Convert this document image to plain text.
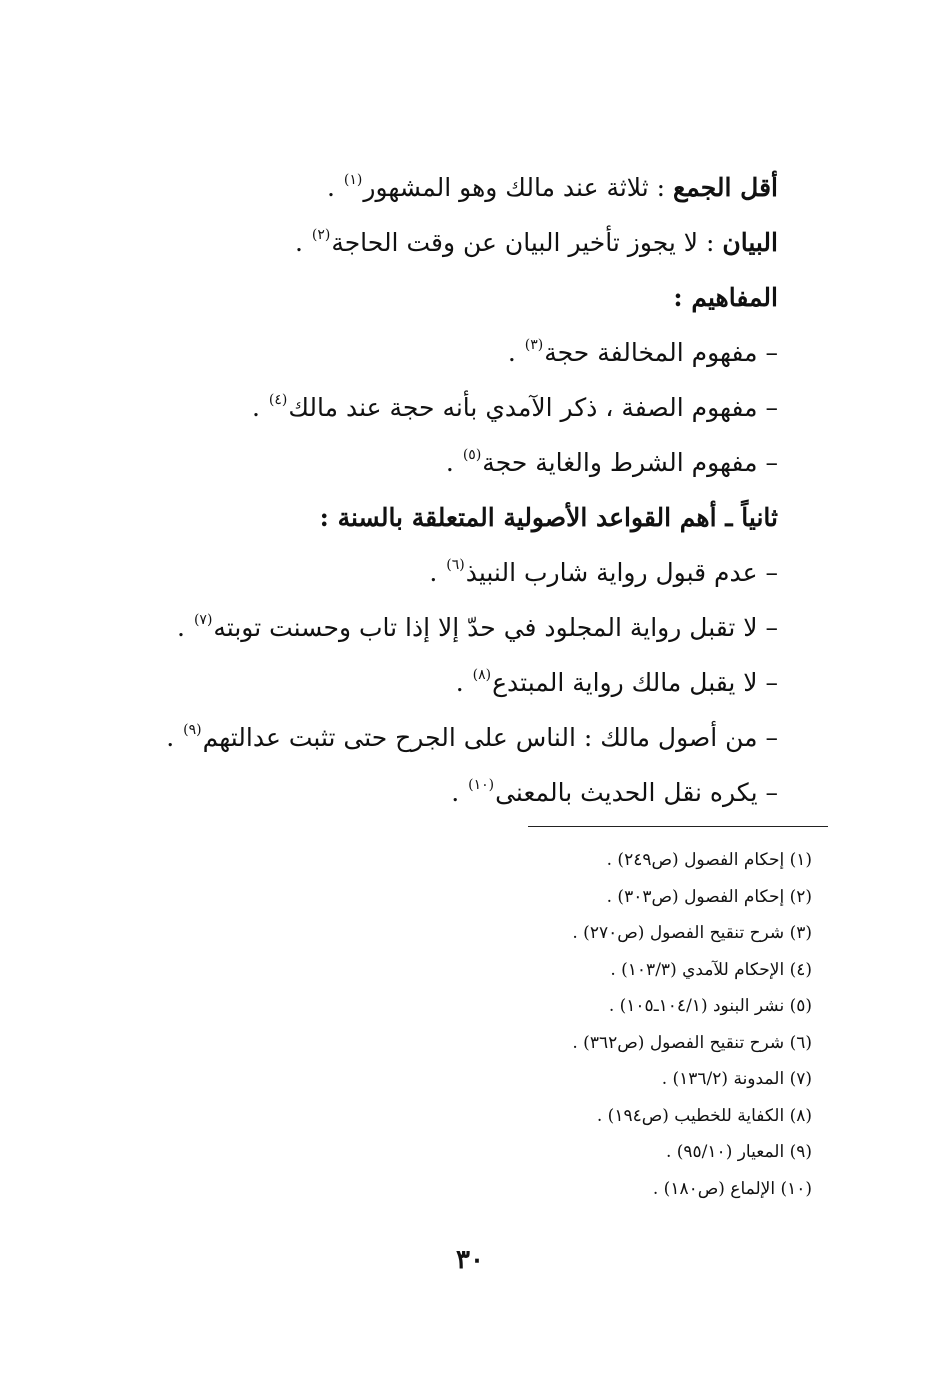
أقل الجمع : ثلاثة عند مالك وهو المشهور$^{(١)}$ .
البيان : لا يجوز تأخير البيان عن وقت الحاجة$^{(٢)}$ .
المفاهيم :
– مفهوم المخالفة حجة$^{(٣)}$ .
– مفهوم الصفة ، ذكر الآمدي بأنه حجة عند مالك$^{(٤)}$ .
– مفهوم الشرط والغاية حجة$^{(٥)}$ .
ثانياً ـ أهم القواعد الأصولية المتعلقة بالسنة :
– عدم قبول رواية شارب النبيذ$^{(٦)}$ .
– لا تقبل رواية المجلود في حدّ إلا إذا تاب وحسنت توبته$^{(٧)}$ .
– لا يقبل مالك رواية المبتدع$^{(٨)}$ .
– من أصول مالك : الناس على الجرح حتى تثبت عدالتهم$^{(٩)}$ .
– يكره نقل الحديث بالمعنى$^{(١٠)}$ .
(١) إحكام الفصول (ص٢٤٩) .
(٢) إحكام الفصول (ص٣٠٣) .
(٣) شرح تنقيح الفصول (ص٢٧٠) .
(٤) الإحكام للآمدي (١٠٣/٣) .
(٥) نشر البنود (١٠٤/١ـ١٠٥) .
(٦) شرح تنقيح الفصول (ص٣٦٢) .
(٧) المدونة (١٣٦/٢) .
(٨) الكفاية للخطيب (ص١٩٤) .
(٩) المعيار (٩٥/١٠) .
(١٠) الإلماع (ص١٨٠) .
٣٠
